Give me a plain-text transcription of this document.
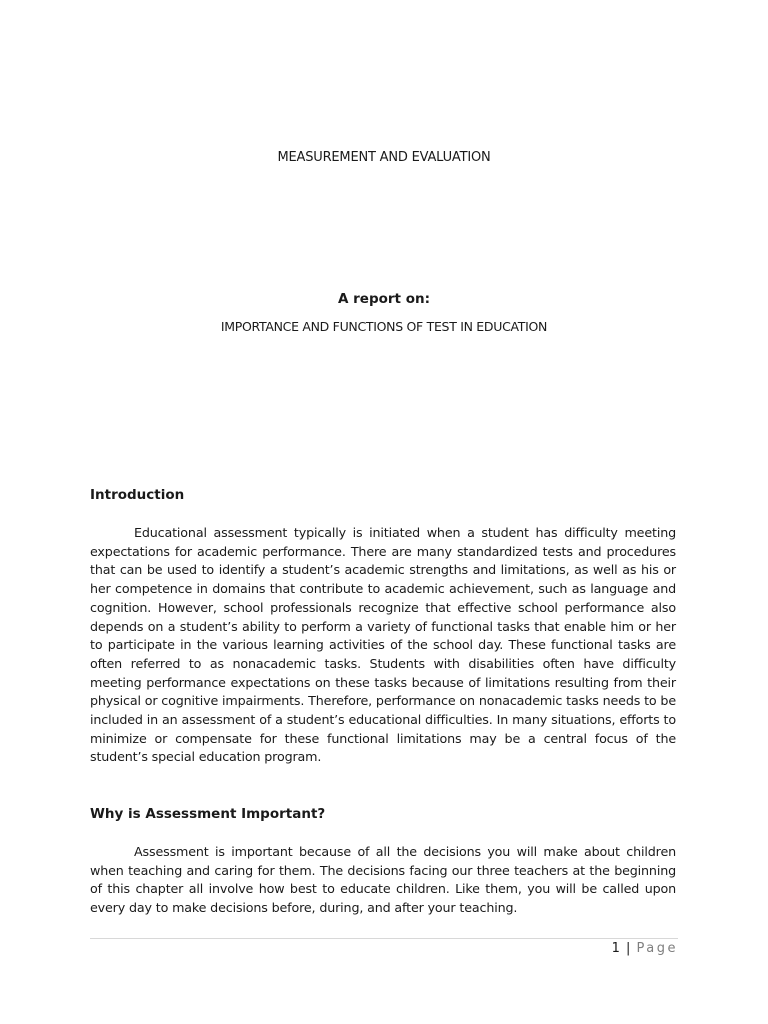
MEASUREMENT AND EVALUATION
A report on:
IMPORTANCE AND FUNCTIONS OF TEST IN EDUCATION
Introduction

Educational assessment typically is initiated when a student has difficulty meeting expectations for academic performance. There are many standardized tests and procedures that can be used to identify a student’s academic strengths and limitations, as well as his or her competence in domains that contribute to academic achievement, such as language and cognition. However, school professionals recognize that effective school performance also depends on a student’s ability to perform a variety of functional tasks that enable him or her to participate in the various learning activities of the school day. These functional tasks are often referred to as nonacademic tasks. Students with disabilities often have difficulty meeting performance expectations on these tasks because of limitations resulting from their physical or cognitive impairments. Therefore, performance on nonacademic tasks needs to be included in an assessment of a student’s educational difficulties. In many situations, efforts to minimize or compensate for these functional limitations may be a central focus of the student’s special education program.

Why is Assessment Important?

Assessment is important because of all the decisions you will make about children when teaching and caring for them. The decisions facing our three teachers at the beginning of this chapter all involve how best to educate children. Like them, you will be called upon every day to make decisions before, during, and after your teaching.

1 | Page
